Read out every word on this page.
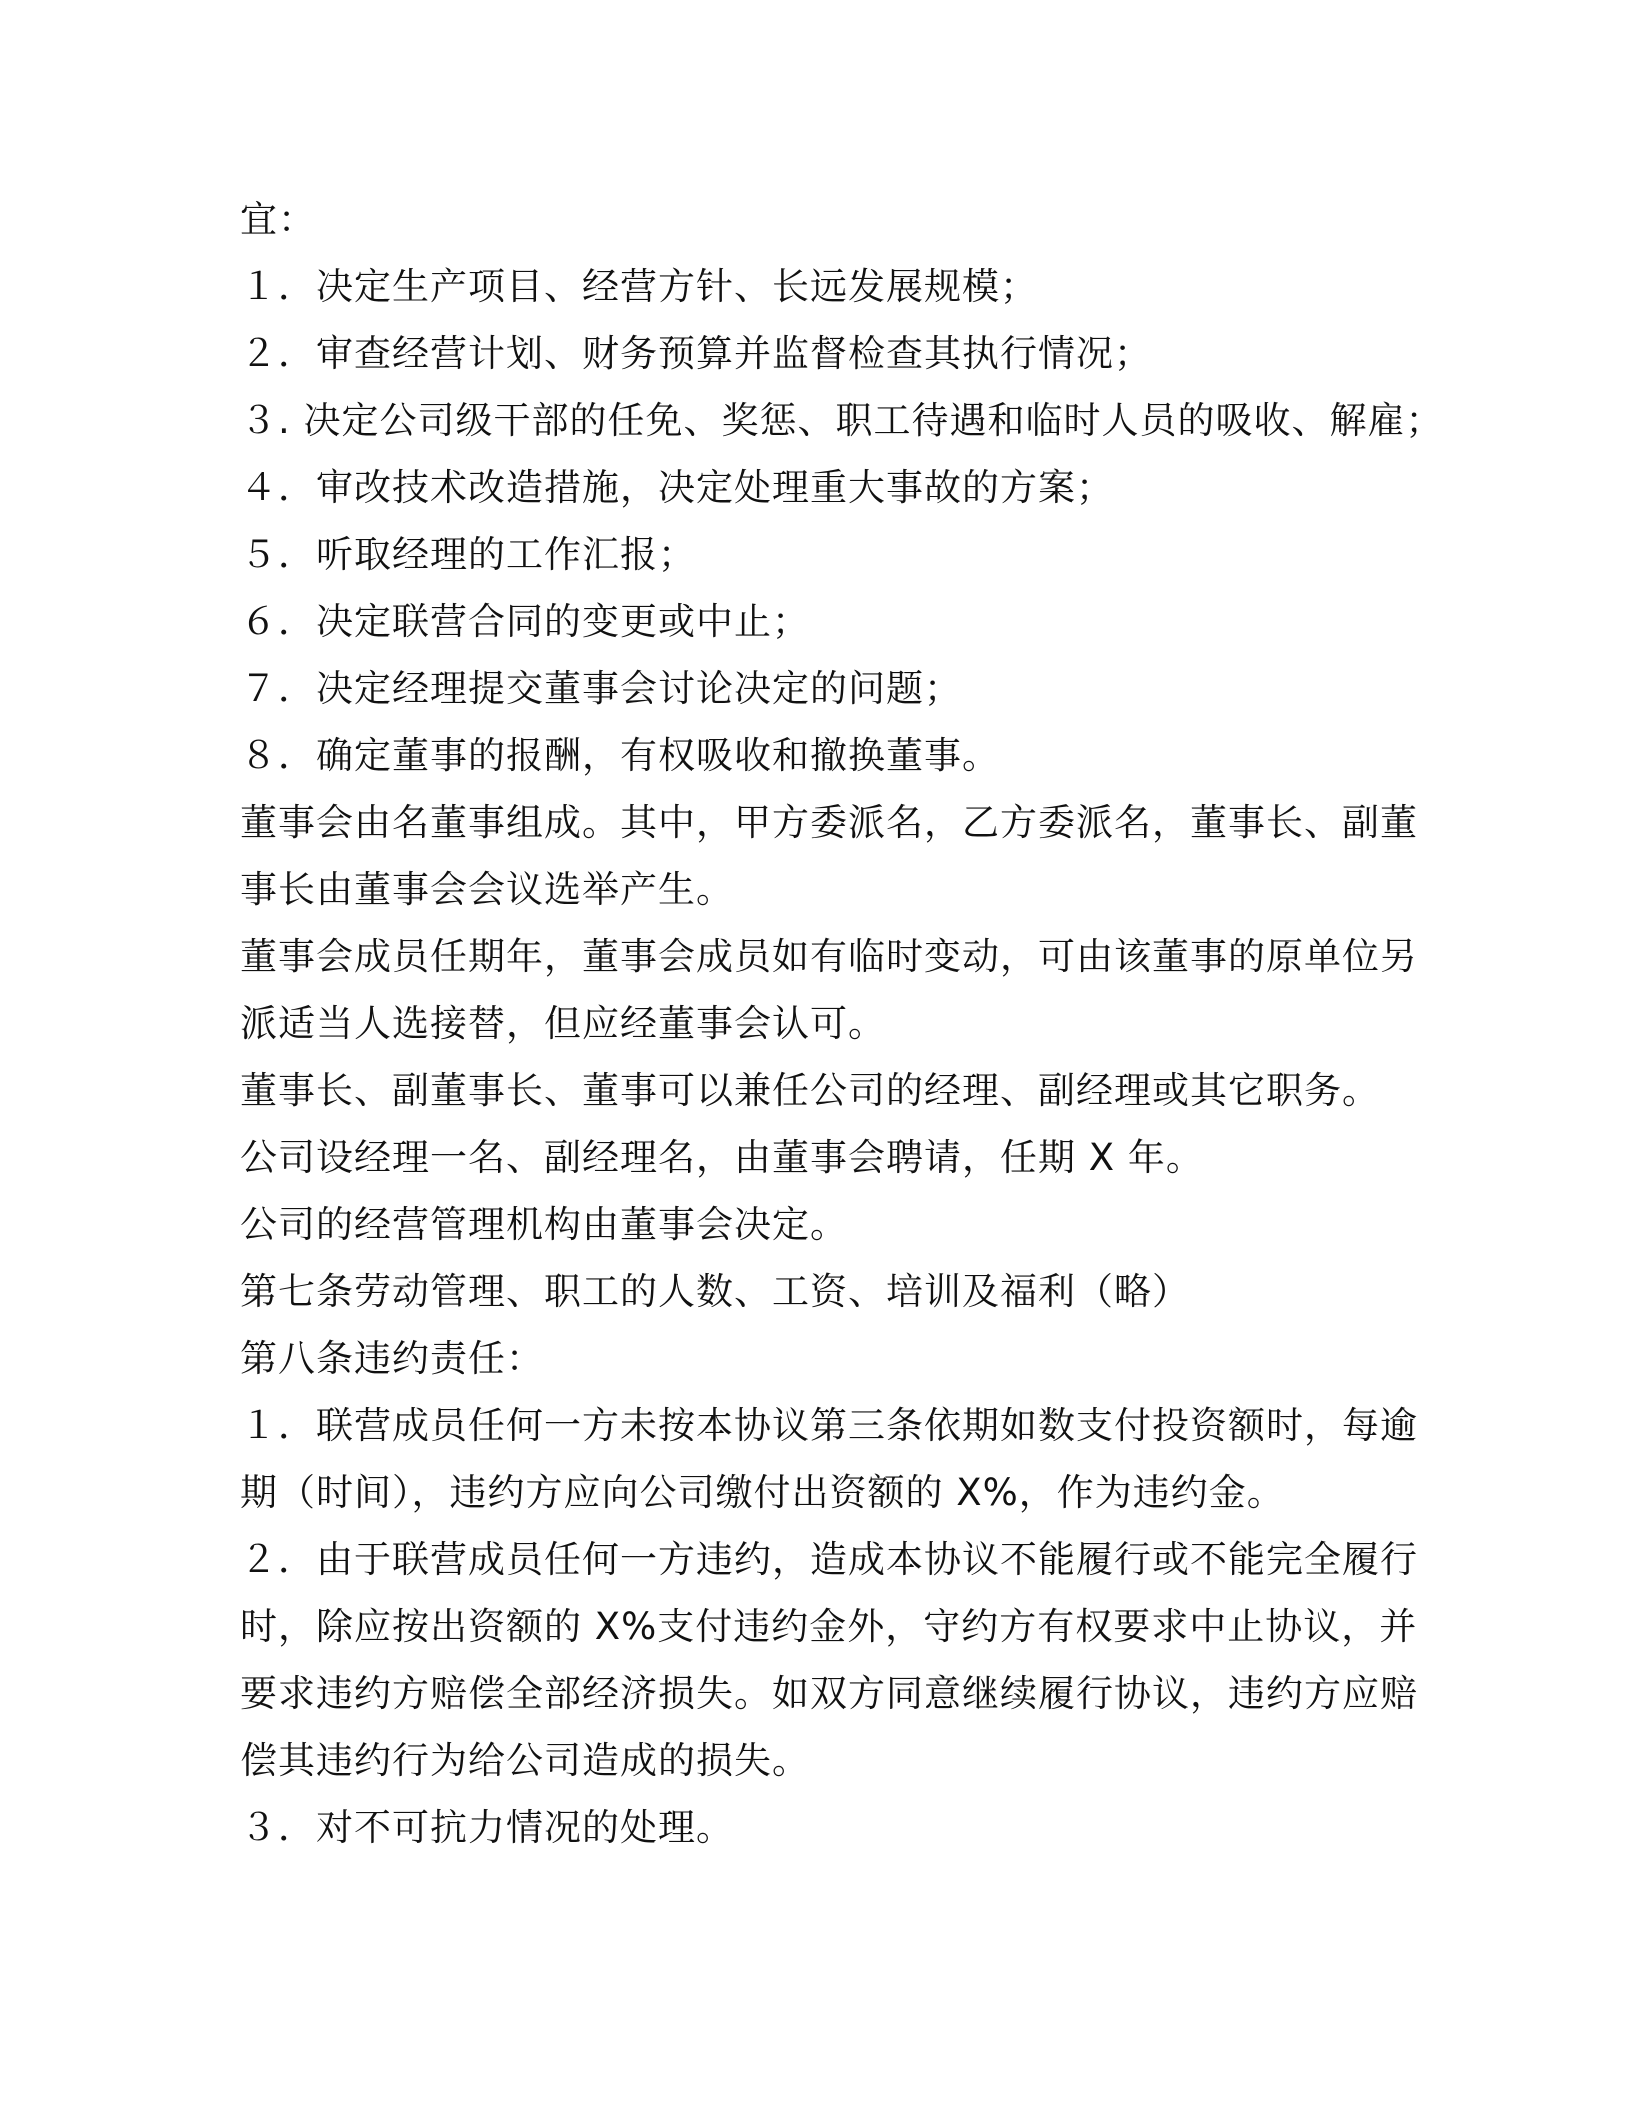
宜：

１．决定生产项目、经营方针、长远发展规模；

２．审查经营计划、财务预算并监督检查其执行情况；

３. 决定公司级干部的任免、奖惩、职工待遇和临时人员的吸收、解雇；

４．审改技术改造措施，决定处理重大事故的方案；

５．听取经理的工作汇报；

６．决定联营合同的变更或中止；

７．决定经理提交董事会讨论决定的问题；

８．确定董事的报酬，有权吸收和撤换董事。

董事会由名董事组成。其中，甲方委派名，乙方委派名，董事长、副董
事长由董事会会议选举产生。
董事会成员任期年，董事会成员如有临时变动，可由该董事的原单位另
派适当人选接替，但应经董事会认可。

董事长、副董事长、董事可以兼任公司的经理、副经理或其它职务。

公司设经理一名、副经理名，由董事会聘请，任期 X 年。

公司的经营管理机构由董事会决定。

第七条劳动管理、职工的人数、工资、培训及福利（略）

第八条违约责任：

１．联营成员任何一方未按本协议第三条依期如数支付投资额时，每逾
期（时间），违约方应向公司缴付出资额的 X%，作为违约金。
２．由于联营成员任何一方违约，造成本协议不能履行或不能完全履行
时，除应按出资额的 X%支付违约金外，守约方有权要求中止协议，并
要求违约方赔偿全部经济损失。如双方同意继续履行协议，违约方应赔
偿其违约行为给公司造成的损失。

３．对不可抗力情况的处理。
